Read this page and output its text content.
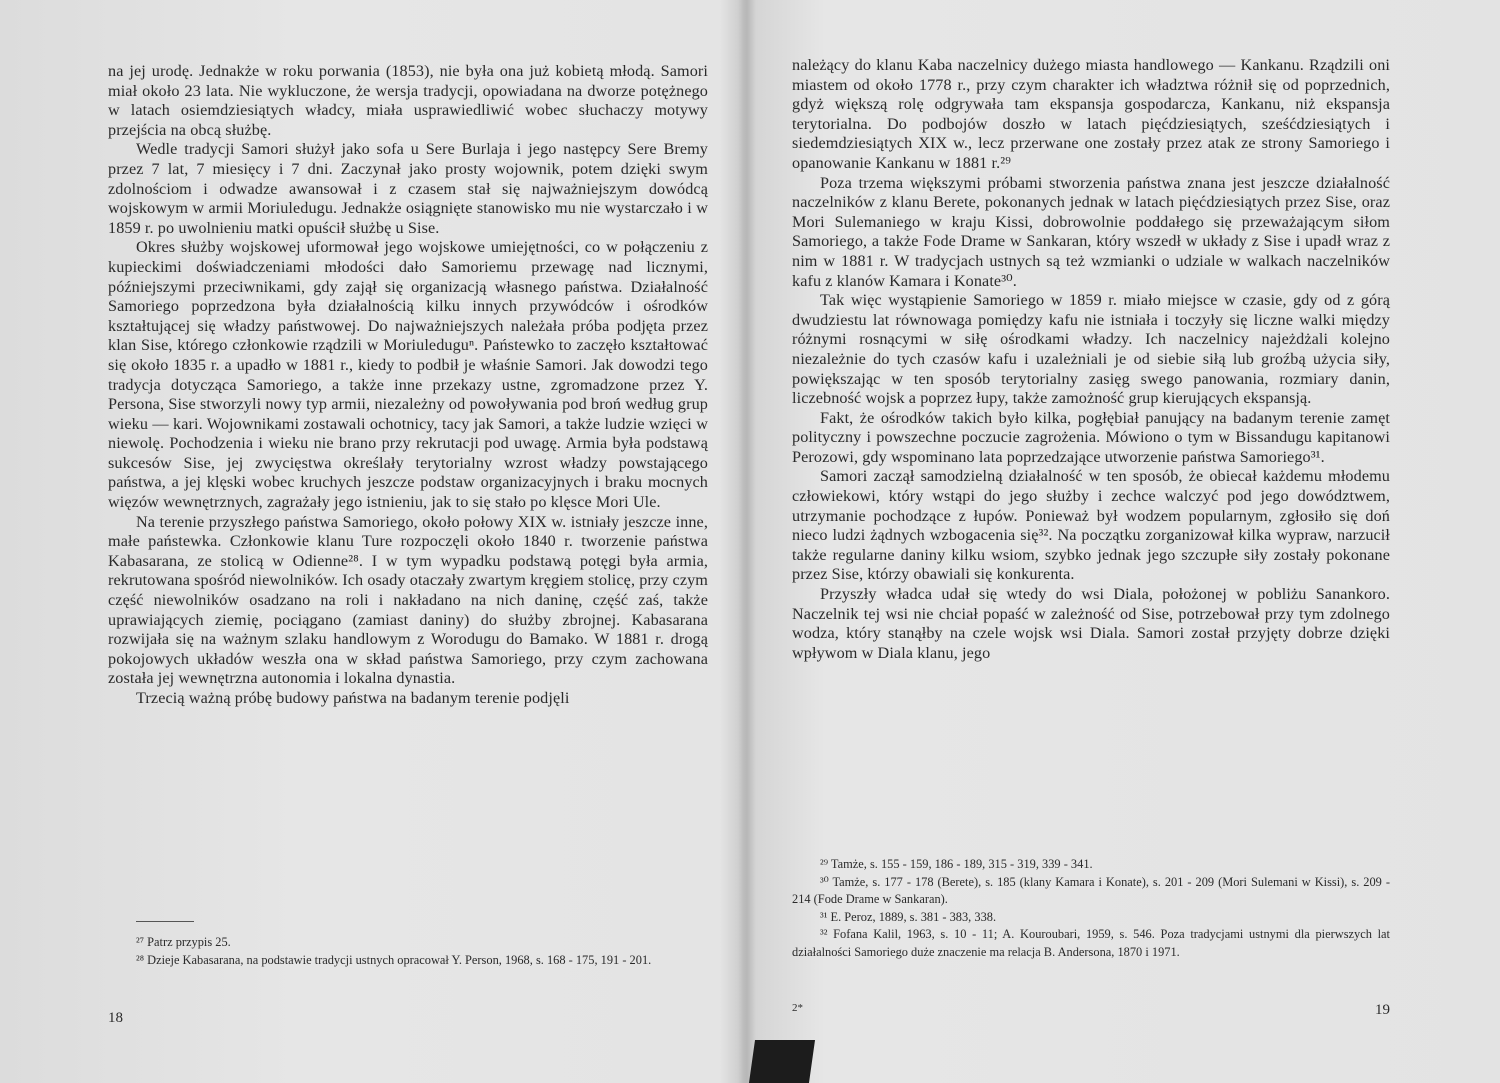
na jej urodę. Jednakże w roku porwania (1853), nie była ona już kobietą młodą. Samori miał około 23 lata. Nie wykluczone, że wersja tradycji, opowiadana na dworze potężnego w latach osiemdziesiątych władcy, miała usprawiedliwić wobec słuchaczy motywy przejścia na obcą służbę.

Wedle tradycji Samori służył jako sofa u Sere Burlaja i jego następcy Sere Bremy przez 7 lat, 7 miesięcy i 7 dni. Zaczynał jako prosty wojownik, potem dzięki swym zdolnościom i odwadze awansował i z czasem stał się najważniejszym dowódcą wojskowym w armii Moriuledugu. Jednakże osiągnięte stanowisko mu nie wystarczało i w 1859 r. po uwolnieniu matki opuścił służbę u Sise.

Okres służby wojskowej uformował jego wojskowe umiejętności, co w połączeniu z kupieckimi doświadczeniami młodości dało Samoriemu przewagę nad licznymi, późniejszymi przeciwnikami, gdy zajął się organizacją własnego państwa. Działalność Samoriego poprzedzona była działalnością kilku innych przywódców i ośrodków kształtującej się władzy państwowej. Do najważniejszych należała próba podjęta przez klan Sise, którego członkowie rządzili w Moriuleduguⁿ. Państewko to zaczęło kształtować się około 1835 r. a upadło w 1881 r., kiedy to podbił je właśnie Samori. Jak dowodzi tego tradycja dotycząca Samoriego, a także inne przekazy ustne, zgromadzone przez Y. Persona, Sise stworzyli nowy typ armii, niezależny od powoływania pod broń według grup wieku — kari. Wojownikami zostawali ochotnicy, tacy jak Samori, a także ludzie wzięci w niewolę. Pochodzenia i wieku nie brano przy rekrutacji pod uwagę. Armia była podstawą sukcesów Sise, jej zwycięstwa określały terytorialny wzrost władzy powstającego państwa, a jej klęski wobec kruchych jeszcze podstaw organizacyjnych i braku mocnych więzów wewnętrznych, zagrażały jego istnieniu, jak to się stało po klęsce Mori Ule.

Na terenie przyszłego państwa Samoriego, około połowy XIX w. istniały jeszcze inne, małe państewka. Członkowie klanu Ture rozpoczęli około 1840 r. tworzenie państwa Kabasarana, ze stolicą w Odienne²⁸. I w tym wypadku podstawą potęgi była armia, rekrutowana spośród niewolników. Ich osady otaczały zwartym kręgiem stolicę, przy czym część niewolników osadzano na roli i nakładano na nich daninę, część zaś, także uprawiających ziemię, pociągano (zamiast daniny) do służby zbrojnej. Kabasarana rozwijała się na ważnym szlaku handlowym z Worodugu do Bamako. W 1881 r. drogą pokojowych układów weszła ona w skład państwa Samoriego, przy czym zachowana została jej wewnętrzna autonomia i lokalna dynastia.

Trzecią ważną próbę budowy państwa na badanym terenie podjęli

²⁷ Patrz przypis 25.

²⁸ Dzieje Kabasarana, na podstawie tradycji ustnych opracował Y. Person, 1968, s. 168 - 175, 191 - 201.

18

należący do klanu Kaba naczelnicy dużego miasta handlowego — Kankanu. Rządzili oni miastem od około 1778 r., przy czym charakter ich władztwa różnił się od poprzednich, gdyż większą rolę odgrywała tam ekspansja gospodarcza, Kankanu, niż ekspansja terytorialna. Do podbojów doszło w latach pięćdziesiątych, sześćdziesiątych i siedemdziesiątych XIX w., lecz przerwane one zostały przez atak ze strony Samoriego i opanowanie Kankanu w 1881 r.²⁹

Poza trzema większymi próbami stworzenia państwa znana jest jeszcze działalność naczelników z klanu Berete, pokonanych jednak w latach pięćdziesiątych przez Sise, oraz Mori Sulemaniego w kraju Kissi, dobrowolnie poddałego się przeważającym siłom Samoriego, a także Fode Drame w Sankaran, który wszedł w układy z Sise i upadł wraz z nim w 1881 r. W tradycjach ustnych są też wzmianki o udziale w walkach naczelników kafu z klanów Kamara i Konate³⁰.

Tak więc wystąpienie Samoriego w 1859 r. miało miejsce w czasie, gdy od z górą dwudziestu lat równowaga pomiędzy kafu nie istniała i toczyły się liczne walki między różnymi rosnącymi w siłę ośrodkami władzy. Ich naczelnicy najeżdżali kolejno niezależnie do tych czasów kafu i uzależniali je od siebie siłą lub groźbą użycia siły, powiększając w ten sposób terytorialny zasięg swego panowania, rozmiary danin, liczebność wojsk a poprzez łupy, także zamożność grup kierujących ekspansją.

Fakt, że ośrodków takich było kilka, pogłębiał panujący na badanym terenie zamęt polityczny i powszechne poczucie zagrożenia. Mówiono o tym w Bissandugu kapitanowi Perozowi, gdy wspominano lata poprzedzające utworzenie państwa Samoriego³¹.

Samori zaczął samodzielną działalność w ten sposób, że obiecał każdemu młodemu człowiekowi, który wstąpi do jego służby i zechce walczyć pod jego dowództwem, utrzymanie pochodzące z łupów. Ponieważ był wodzem popularnym, zgłosiło się doń nieco ludzi żądnych wzbogacenia się³². Na początku zorganizował kilka wypraw, narzucił także regularne daniny kilku wsiom, szybko jednak jego szczupłe siły zostały pokonane przez Sise, którzy obawiali się konkurenta.

Przyszły władca udał się wtedy do wsi Diala, położonej w pobliżu Sanankoro. Naczelnik tej wsi nie chciał popaść w zależność od Sise, potrzebował przy tym zdolnego wodza, który stanąłby na czele wojsk wsi Diala. Samori został przyjęty dobrze dzięki wpływom w Diala klanu, jego

²⁹ Tamże, s. 155 - 159, 186 - 189, 315 - 319, 339 - 341.

³⁰ Tamże, s. 177 - 178 (Berete), s. 185 (klany Kamara i Konate), s. 201 - 209 (Mori Sulemani w Kissi), s. 209 - 214 (Fode Drame w Sankaran).

³¹ E. Peroz, 1889, s. 381 - 383, 338.

³² Fofana Kalil, 1963, s. 10 - 11; A. Kouroubari, 1959, s. 546. Poza tradycjami ustnymi dla pierwszych lat działalności Samoriego duże znaczenie ma relacja B. Andersona, 1870 i 1971.

2*	19
